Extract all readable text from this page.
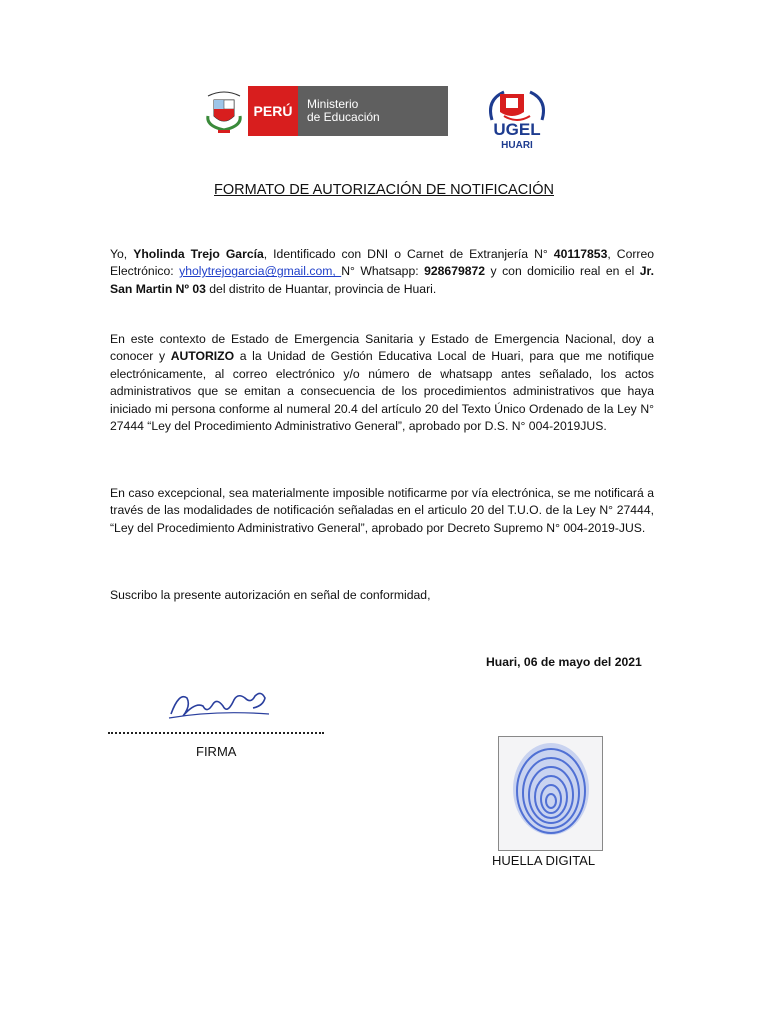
PERÚ	Ministerio
de Educación
UGEL
HUARI
FORMATO DE AUTORIZACIÓN DE NOTIFICACIÓN
Yo, Yholinda Trejo García, Identificado con DNI o Carnet de Extranjería N° 40117853, Correo Electrónico: yholytrejogarcia@gmail.com, N° Whatsapp: 928679872 y con domicilio real en el Jr. San Martin Nº 03 del distrito de Huantar, provincia de Huari.
En este contexto de Estado de Emergencia Sanitaria y Estado de Emergencia Nacional, doy a conocer y AUTORIZO a la Unidad de Gestión Educativa Local de Huari, para que me notifique electrónicamente, al correo electrónico y/o número de whatsapp antes señalado, los actos administrativos que se emitan a consecuencia de los procedimientos administrativos que haya iniciado mi persona conforme al numeral 20.4 del artículo 20 del Texto Único Ordenado de la Ley N° 27444 “Ley del Procedimiento Administrativo General”, aprobado por D.S. N° 004-2019JUS.
En caso excepcional, sea materialmente imposible notificarme por vía electrónica, se me notificará a través de las modalidades de notificación señaladas en el articulo 20 del T.U.O. de la Ley N° 27444, “Ley del Procedimiento Administrativo General”, aprobado por Decreto Supremo N° 004-2019-JUS.
Suscribo la presente autorización en señal de conformidad,
Huari, 06 de mayo del 2021
FIRMA
HUELLA DIGITAL
